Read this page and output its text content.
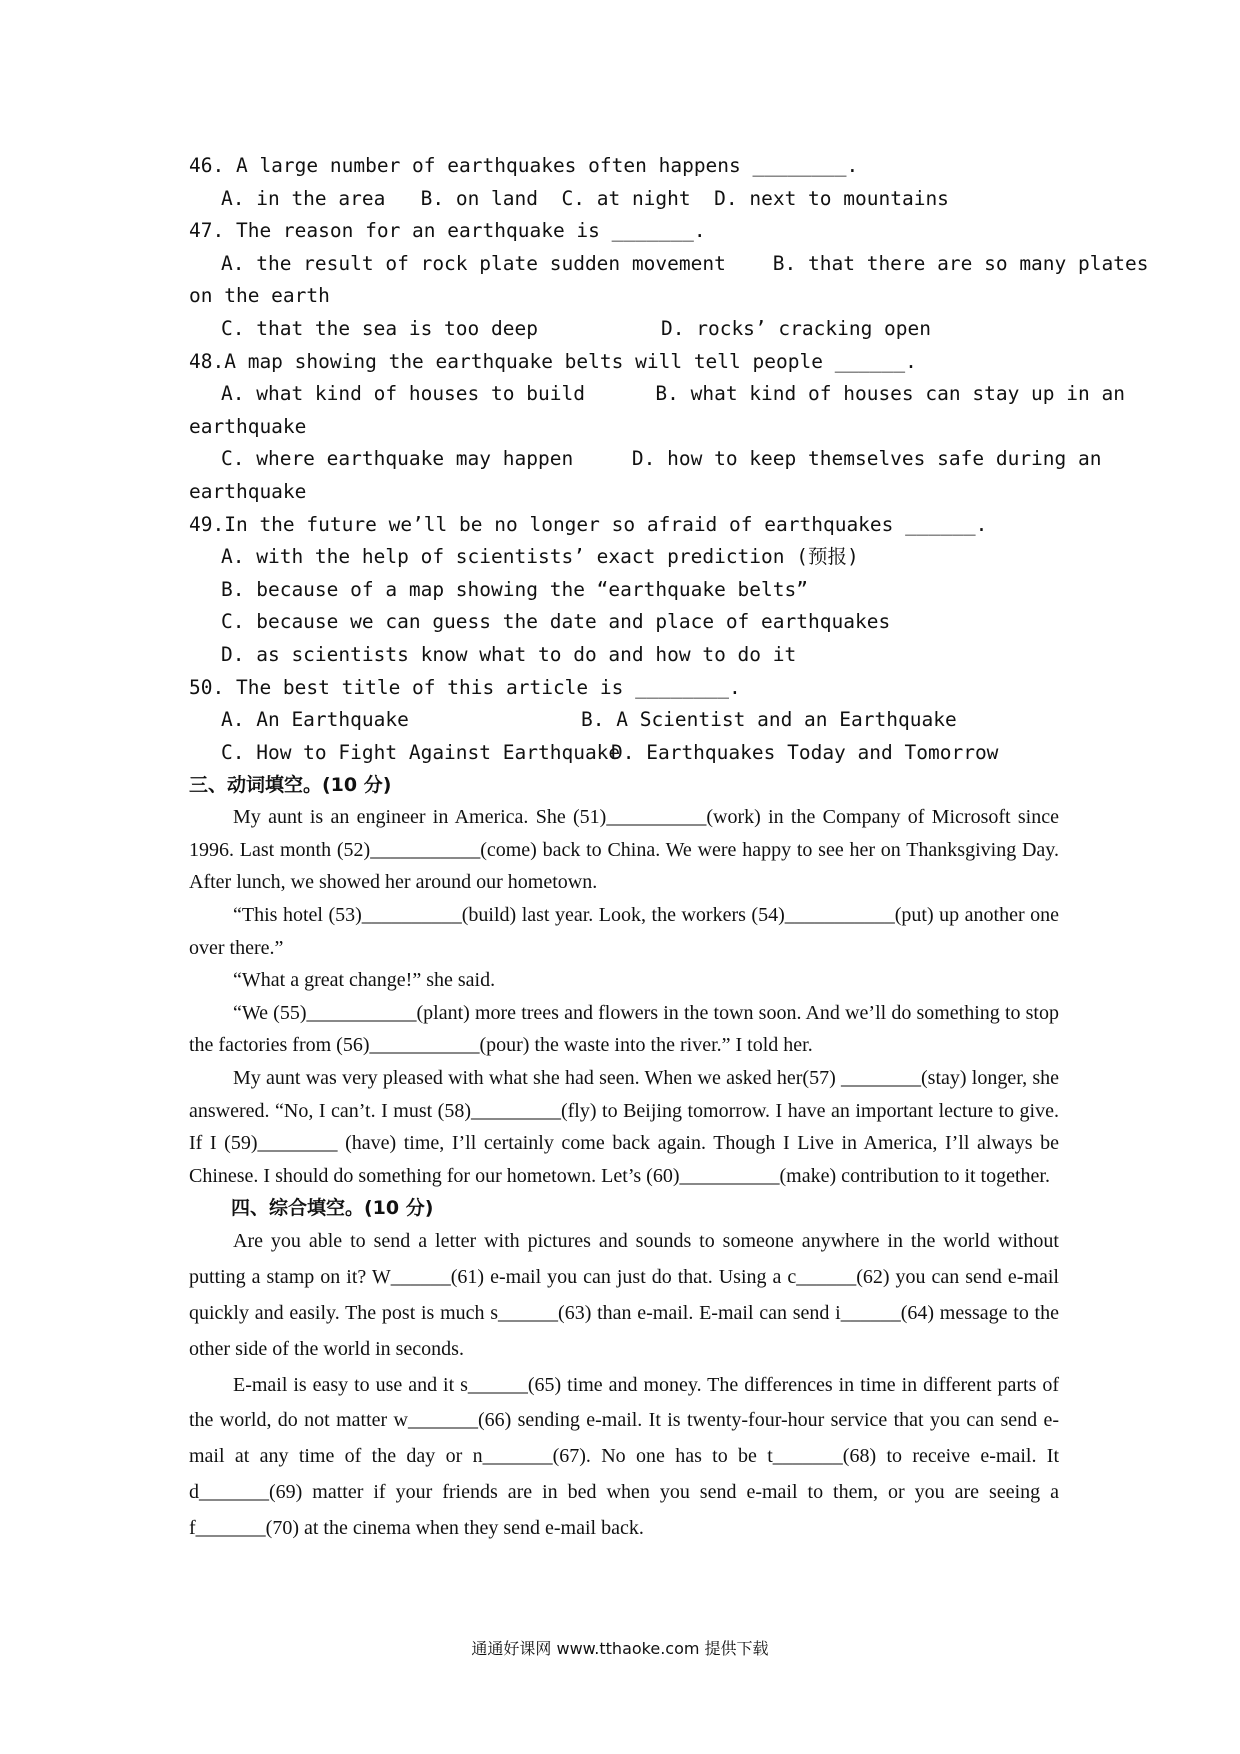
46. A large number of earthquakes often happens ________.

A. in the area B. on land C. at night D. next to mountains

47. The reason for an earthquake is _______.

A. the result of rock plate sudden movement    B. that there are so many plates

on the earth

C. that the sea is too deep	D. rocks’ cracking open

48.A map showing the earthquake belts will tell people ______.

A. what kind of houses to build      B. what kind of houses can stay up in an

earthquake

C. where earthquake may happen     D. how to keep themselves safe during an

earthquake

49.In the future we’ll be no longer so afraid of earthquakes ______.

A. with the help of scientists’ exact prediction (预报)

B. because of a map showing the “earthquake belts”

C. because we can guess the date and place of earthquakes

D. as scientists know what to do and how to do it

50. The best title of this article is ________.

A. An Earthquake	B. A Scientist and an Earthquake
C. How to Fight Against Earthquake
D. Earthquakes Today and Tomorrow

三、动词填空。(10 分)

My aunt is an engineer in America. She (51)__________(work) in the Company of Microsoft since 1996. Last month (52)___________(come) back to China. We were happy to see her on Thanksgiving Day. After lunch, we showed her around our hometown.

“This hotel (53)__________(build) last year. Look, the workers (54)___________(put) up another one over there.”

“What a great change!” she said.

“We (55)___________(plant) more trees and flowers in the town soon. And we’ll do something to stop the factories from (56)___________(pour) the waste into the river.” I told her.

My aunt was very pleased with what she had seen. When we asked her(57) ________(stay) longer, she answered. “No, I can’t. I must (58)_________(fly) to Beijing tomorrow. I have an important lecture to give. If I (59)________ (have) time, I’ll certainly come back again. Though I Live in America, I’ll always be Chinese. I should do something for our hometown. Let’s (60)__________(make) contribution to it together.

四、综合填空。(10 分)

Are you able to send a letter with pictures and sounds to someone anywhere in the world without putting a stamp on it? W______(61) e-mail you can just do that. Using a c______(62) you can send e-mail quickly and easily. The post is much s______(63) than e-mail. E-mail can send i______(64) message to the other side of the world in seconds.

E-mail is easy to use and it s______(65) time and money. The differences in time in different parts of the world, do not matter w_______(66) sending e-mail. It is twenty-four-hour service that you can send e-mail at any time of the day or n_______(67). No one has to be t_______(68) to receive e-mail. It d_______(69) matter if your friends are in bed when you send e-mail to them, or you are seeing a f_______(70) at the cinema when they send e-mail back.

通通好课网 www.tthaoke.com 提供下载
